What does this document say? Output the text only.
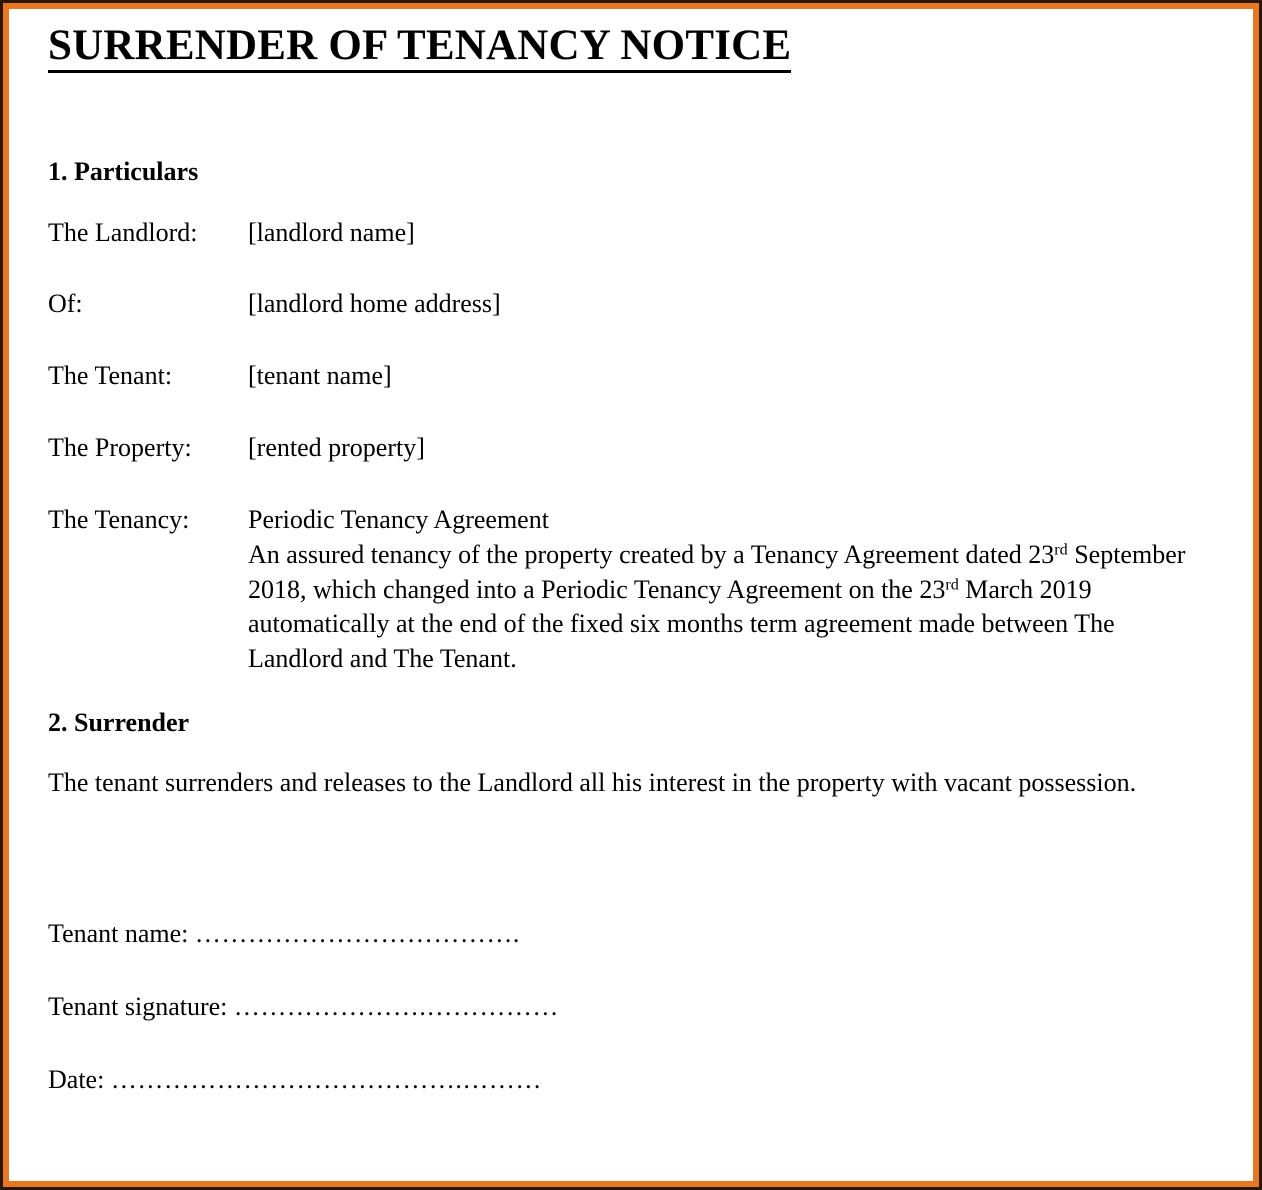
SURRENDER OF TENANCY NOTICE
1. Particulars
The Landlord:	[landlord name]
Of:	[landlord home address]
The Tenant:	[tenant name]
The Property:	[rented property]
The Tenancy:	Periodic Tenancy Agreement
An assured tenancy of the property created by a Tenancy Agreement dated 23rd September 2018, which changed into a Periodic Tenancy Agreement on the 23rd March 2019 automatically at the end of the fixed six months term agreement made between The Landlord and The Tenant.
2. Surrender

The tenant surrenders and releases to the Landlord all his interest in the property with vacant possession.

Tenant name: ……………………………….
Tenant signature: ………………….……………
Date: ………………………………….………
